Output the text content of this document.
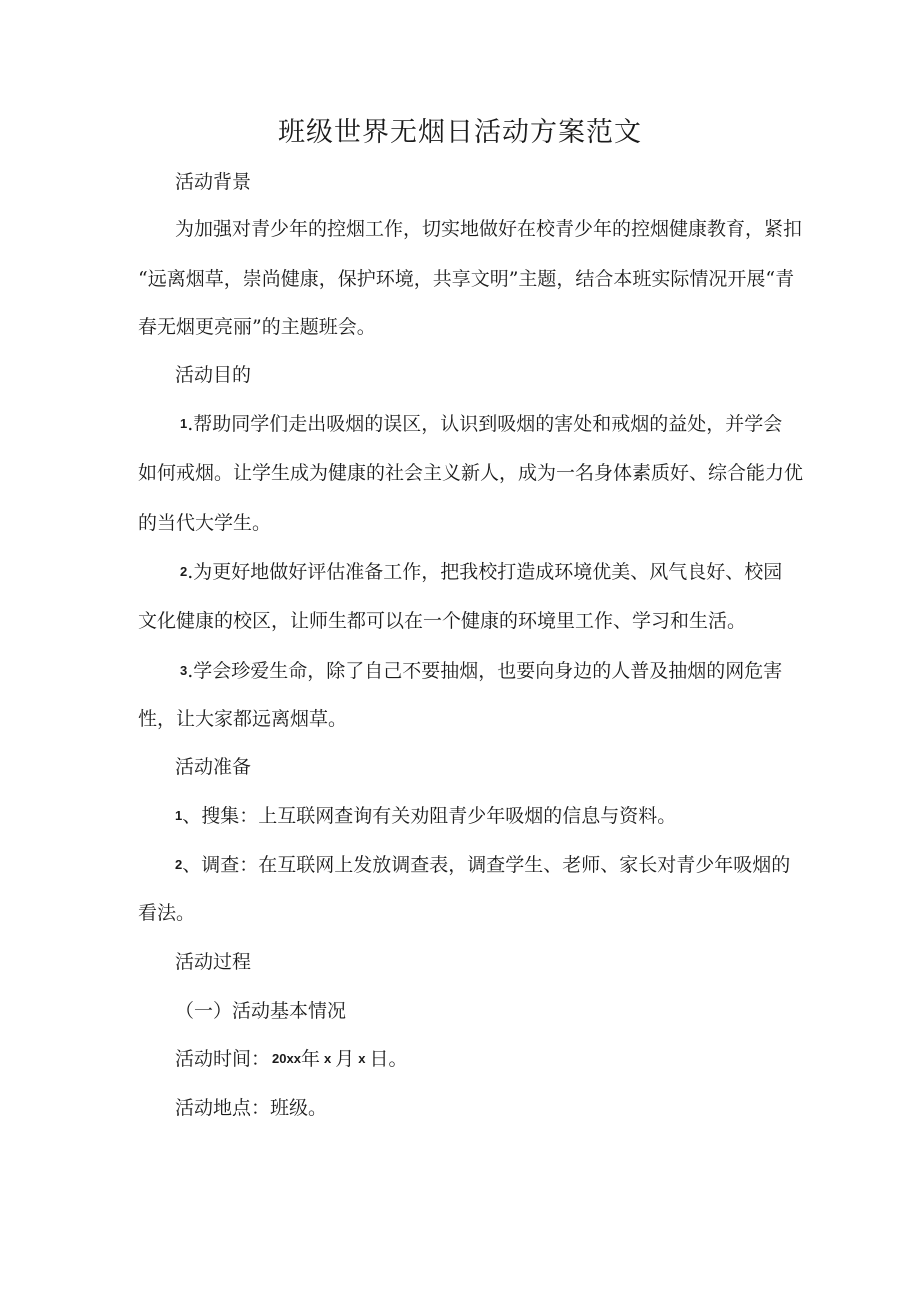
班级世界无烟日活动方案范文
活动背景
为加强对青少年的控烟工作，切实地做好在校青少年的控烟健康教育，紧扣
“远离烟草，崇尚健康，保护环境，共享文明”主题，结合本班实际情况开展“青
春无烟更亮丽”的主题班会。
活动目的
1 .帮助同学们走出吸烟的误区，认识到吸烟的害处和戒烟的益处，并学会
如何戒烟。让学生成为健康的社会主义新人，成为一名身体素质好、综合能力优
的当代大学生。
2 .为更好地做好评估准备工作，把我校打造成环境优美、风气良好、校园
文化健康的校区，让师生都可以在一个健康的环境里工作、学习和生活。
3 .学会珍爱生命，除了自己不要抽烟，也要向身边的人普及抽烟的网危害
性，让大家都远离烟草。
活动准备
1 、搜集：上互联网查询有关劝阻青少年吸烟的信息与资料。
2 、调查：在互联网上发放调查表，调查学生、老师、家长对青少年吸烟的
看法。
活动过程
（一）活动基本情况
活动时间： 20xx 年 x 月 x 日。
活动地点：班级。
